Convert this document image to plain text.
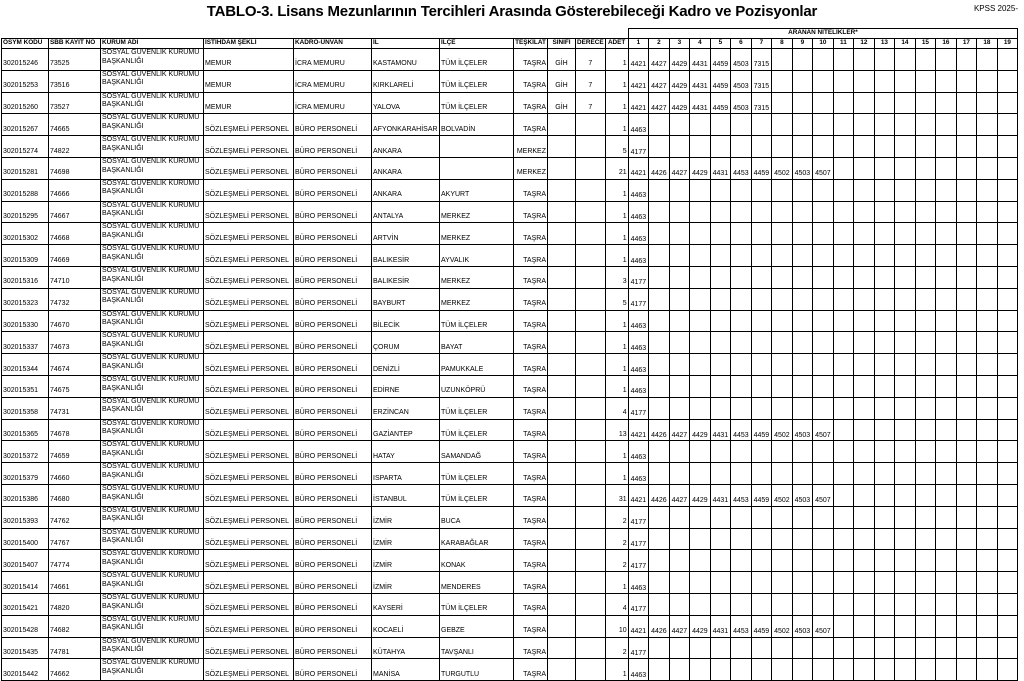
TABLO-3. Lisans Mezunlarının Tercihleri Arasında Gösterebileceği Kadro ve Pozisyonlar	KPSS 2025-
											ARANAN NİTELİKLER*																		
ÖSYM KODU	SBB KAYIT NO	KURUM ADI	İSTİHDAM ŞEKLİ	KADRO-ÜNVAN	İL	İLÇE	TEŞKİLAT	SINIFI	DERECE	ADET	1	2	3	4	5	6	7	8	9	10	11	12	13	14	15	16	17	18	19
302015246	73525	SOSYAL GÜVENLİK KURUMU
BAŞKANLIĞI	MEMUR	İCRA MEMURU	KASTAMONU	TÜM İLÇELER	TAŞRA	GİH	7	1	4421	4427	4429	4431	4459	4503	7315												
302015253	73516	SOSYAL GÜVENLİK KURUMU
BAŞKANLIĞI	MEMUR	İCRA MEMURU	KIRKLARELİ	TÜM İLÇELER	TAŞRA	GİH	7	1	4421	4427	4429	4431	4459	4503	7315												
302015260	73527	SOSYAL GÜVENLİK KURUMU
BAŞKANLIĞI	MEMUR	İCRA MEMURU	YALOVA	TÜM İLÇELER	TAŞRA	GİH	7	1	4421	4427	4429	4431	4459	4503	7315												
302015267	74665	SOSYAL GÜVENLİK KURUMU
BAŞKANLIĞI	SÖZLEŞMELİ PERSONEL	BÜRO PERSONELİ	AFYONKARAHİSAR	BOLVADİN	TAŞRA			1	4463																		
302015274	74822	SOSYAL GÜVENLİK KURUMU
BAŞKANLIĞI	SÖZLEŞMELİ PERSONEL	BÜRO PERSONELİ	ANKARA		MERKEZ			5	4177																		
302015281	74698	SOSYAL GÜVENLİK KURUMU
BAŞKANLIĞI	SÖZLEŞMELİ PERSONEL	BÜRO PERSONELİ	ANKARA		MERKEZ			21	4421	4426	4427	4429	4431	4453	4459	4502	4503	4507									
302015288	74666	SOSYAL GÜVENLİK KURUMU
BAŞKANLIĞI	SÖZLEŞMELİ PERSONEL	BÜRO PERSONELİ	ANKARA	AKYURT	TAŞRA			1	4463																		
302015295	74667	SOSYAL GÜVENLİK KURUMU
BAŞKANLIĞI	SÖZLEŞMELİ PERSONEL	BÜRO PERSONELİ	ANTALYA	MERKEZ	TAŞRA			1	4463																		
302015302	74668	SOSYAL GÜVENLİK KURUMU
BAŞKANLIĞI	SÖZLEŞMELİ PERSONEL	BÜRO PERSONELİ	ARTVİN	MERKEZ	TAŞRA			1	4463																		
302015309	74669	SOSYAL GÜVENLİK KURUMU
BAŞKANLIĞI	SÖZLEŞMELİ PERSONEL	BÜRO PERSONELİ	BALIKESİR	AYVALIK	TAŞRA			1	4463																		
302015316	74710	SOSYAL GÜVENLİK KURUMU
BAŞKANLIĞI	SÖZLEŞMELİ PERSONEL	BÜRO PERSONELİ	BALIKESİR	MERKEZ	TAŞRA			3	4177																		
302015323	74732	SOSYAL GÜVENLİK KURUMU
BAŞKANLIĞI	SÖZLEŞMELİ PERSONEL	BÜRO PERSONELİ	BAYBURT	MERKEZ	TAŞRA			5	4177																		
302015330	74670	SOSYAL GÜVENLİK KURUMU
BAŞKANLIĞI	SÖZLEŞMELİ PERSONEL	BÜRO PERSONELİ	BİLECİK	TÜM İLÇELER	TAŞRA			1	4463																		
302015337	74673	SOSYAL GÜVENLİK KURUMU
BAŞKANLIĞI	SÖZLEŞMELİ PERSONEL	BÜRO PERSONELİ	ÇORUM	BAYAT	TAŞRA			1	4463																		
302015344	74674	SOSYAL GÜVENLİK KURUMU
BAŞKANLIĞI	SÖZLEŞMELİ PERSONEL	BÜRO PERSONELİ	DENİZLİ	PAMUKKALE	TAŞRA			1	4463																		
302015351	74675	SOSYAL GÜVENLİK KURUMU
BAŞKANLIĞI	SÖZLEŞMELİ PERSONEL	BÜRO PERSONELİ	EDİRNE	UZUNKÖPRÜ	TAŞRA			1	4463																		
302015358	74731	SOSYAL GÜVENLİK KURUMU
BAŞKANLIĞI	SÖZLEŞMELİ PERSONEL	BÜRO PERSONELİ	ERZİNCAN	TÜM İLÇELER	TAŞRA			4	4177																		
302015365	74678	SOSYAL GÜVENLİK KURUMU
BAŞKANLIĞI	SÖZLEŞMELİ PERSONEL	BÜRO PERSONELİ	GAZİANTEP	TÜM İLÇELER	TAŞRA			13	4421	4426	4427	4429	4431	4453	4459	4502	4503	4507									
302015372	74659	SOSYAL GÜVENLİK KURUMU
BAŞKANLIĞI	SÖZLEŞMELİ PERSONEL	BÜRO PERSONELİ	HATAY	SAMANDAĞ	TAŞRA			1	4463																		
302015379	74660	SOSYAL GÜVENLİK KURUMU
BAŞKANLIĞI	SÖZLEŞMELİ PERSONEL	BÜRO PERSONELİ	ISPARTA	TÜM İLÇELER	TAŞRA			1	4463																		
302015386	74680	SOSYAL GÜVENLİK KURUMU
BAŞKANLIĞI	SÖZLEŞMELİ PERSONEL	BÜRO PERSONELİ	İSTANBUL	TÜM İLÇELER	TAŞRA			31	4421	4426	4427	4429	4431	4453	4459	4502	4503	4507									
302015393	74762	SOSYAL GÜVENLİK KURUMU
BAŞKANLIĞI	SÖZLEŞMELİ PERSONEL	BÜRO PERSONELİ	İZMİR	BUCA	TAŞRA			2	4177																		
302015400	74767	SOSYAL GÜVENLİK KURUMU
BAŞKANLIĞI	SÖZLEŞMELİ PERSONEL	BÜRO PERSONELİ	İZMİR	KARABAĞLAR	TAŞRA			2	4177																		
302015407	74774	SOSYAL GÜVENLİK KURUMU
BAŞKANLIĞI	SÖZLEŞMELİ PERSONEL	BÜRO PERSONELİ	İZMİR	KONAK	TAŞRA			2	4177																		
302015414	74661	SOSYAL GÜVENLİK KURUMU
BAŞKANLIĞI	SÖZLEŞMELİ PERSONEL	BÜRO PERSONELİ	İZMİR	MENDERES	TAŞRA			1	4463																		
302015421	74820	SOSYAL GÜVENLİK KURUMU
BAŞKANLIĞI	SÖZLEŞMELİ PERSONEL	BÜRO PERSONELİ	KAYSERİ	TÜM İLÇELER	TAŞRA			4	4177																		
302015428	74682	SOSYAL GÜVENLİK KURUMU
BAŞKANLIĞI	SÖZLEŞMELİ PERSONEL	BÜRO PERSONELİ	KOCAELİ	GEBZE	TAŞRA			10	4421	4426	4427	4429	4431	4453	4459	4502	4503	4507									
302015435	74781	SOSYAL GÜVENLİK KURUMU
BAŞKANLIĞI	SÖZLEŞMELİ PERSONEL	BÜRO PERSONELİ	KÜTAHYA	TAVŞANLI	TAŞRA			2	4177																		
302015442	74662	SOSYAL GÜVENLİK KURUMU
BAŞKANLIĞI	SÖZLEŞMELİ PERSONEL	BÜRO PERSONELİ	MANİSA	TURGUTLU	TAŞRA			1	4463																		
